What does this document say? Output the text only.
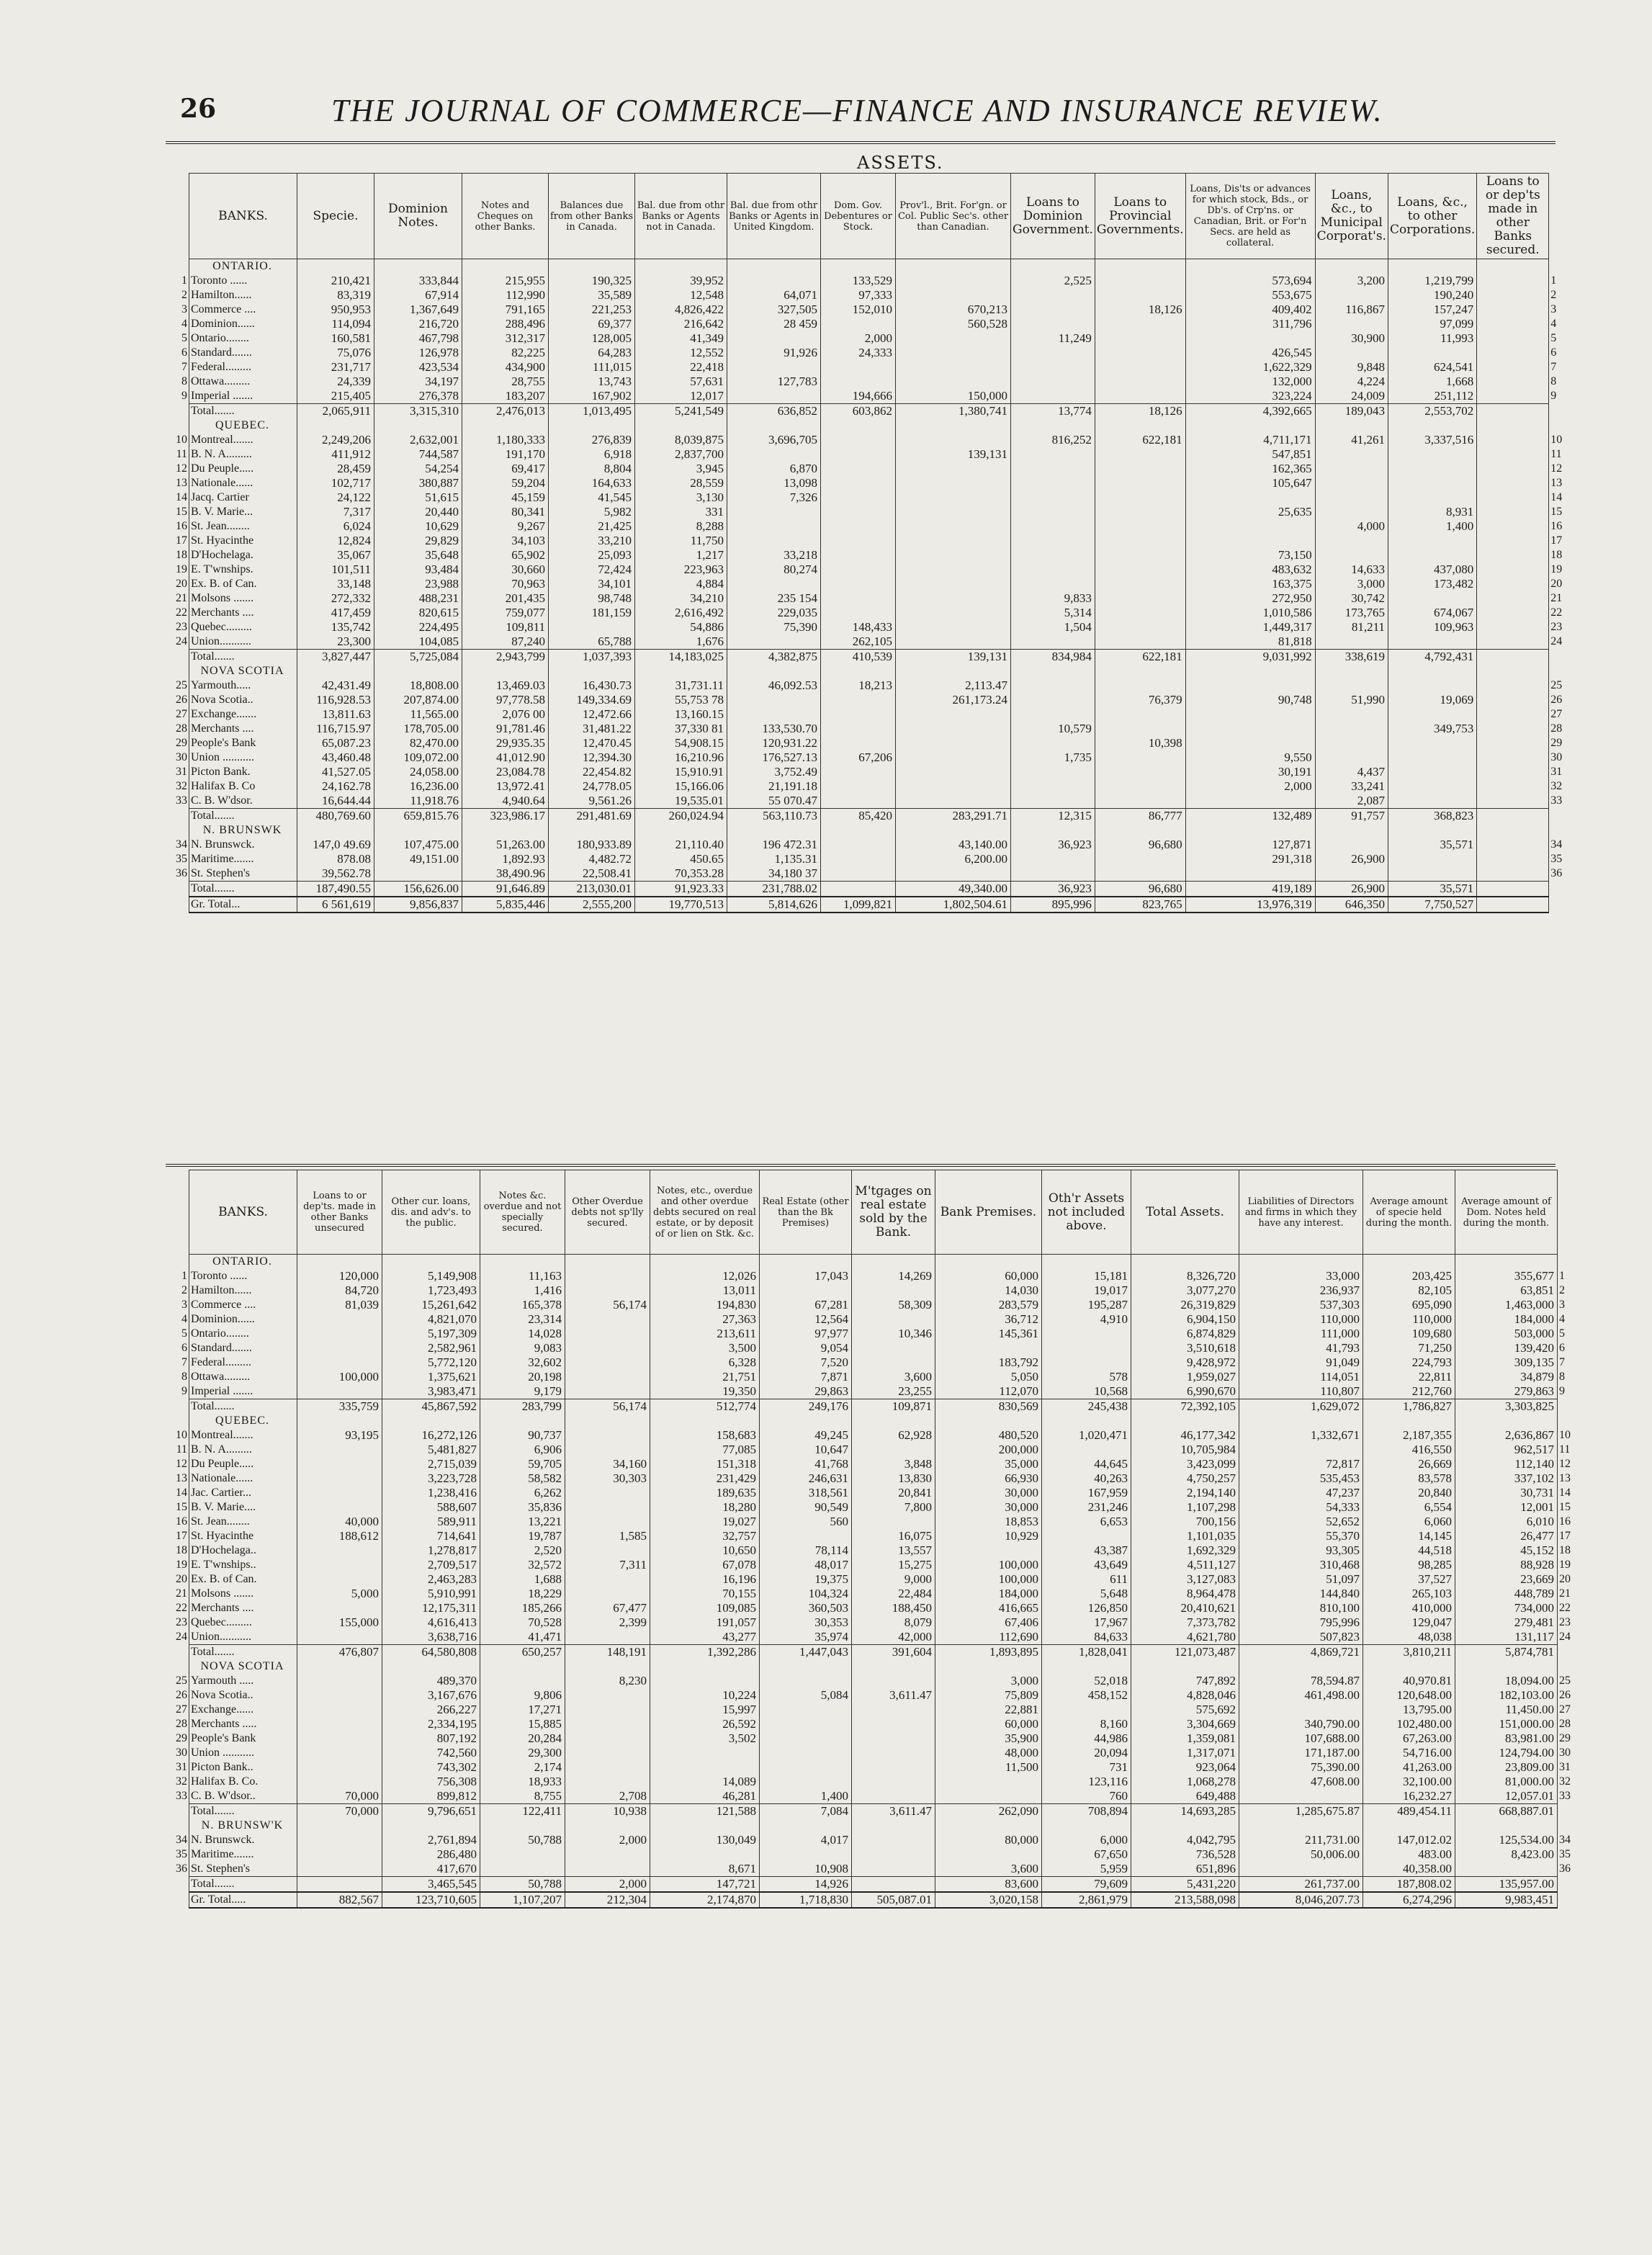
26	THE JOURNAL OF COMMERCE—FINANCE AND INSURANCE REVIEW.
ASSETS.
	BANKS.	Specie.	Dominion Notes.	Notes and Cheques on other Banks.	Balances due from other Banks in Canada.	Bal. due from othr Banks or Agents not in Canada.	Bal. due from othr Banks or Agents in United Kingdom.	Dom. Gov. Debentures or Stock.	Prov'l., Brit. For'gn. or Col. Public Sec's. other than Canadian.	Loans to Dominion Government.	Loans to Provincial Governments.	Loans, Dis'ts or advances for which stock, Bds., or Db's. of Crp'ns. or Canadian, Brit. or For'n Secs. are held as collateral.	Loans, &c., to Municipal Corporat's.	Loans, &c., to other Corporations.	Loans to or dep'ts made in other Banks secured.	
	ONTARIO.															
1	Toronto ......	210,421	333,844	215,955	190,325	39,952		133,529		2,525		573,694	3,200	1,219,799		1
2	Hamilton......	83,319	67,914	112,990	35,589	12,548	64,071	97,333				553,675		190,240		2
3	Commerce ....	950,953	1,367,649	791,165	221,253	4,826,422	327,505	152,010	670,213		18,126	409,402	116,867	157,247		3
4	Dominion......	114,094	216,720	288,496	69,377	216,642	28 459		560,528			311,796		97,099		4
5	Ontario........	160,581	467,798	312,317	128,005	41,349		2,000		11,249			30,900	11,993		5
6	Standard.......	75,076	126,978	82,225	64,283	12,552	91,926	24,333				426,545				6
7	Federal.........	231,717	423,534	434,900	111,015	22,418						1,622,329	9,848	624,541		7
8	Ottawa.........	24,339	34,197	28,755	13,743	57,631	127,783					132,000	4,224	1,668		8
9	Imperial .......	215,405	276,378	183,207	167,902	12,017		194,666	150,000			323,224	24,009	251,112		9
	Total.......	2,065,911	3,315,310	2,476,013	1,013,495	5,241,549	636,852	603,862	1,380,741	13,774	18,126	4,392,665	189,043	2,553,702		
	QUEBEC.															
10	Montreal.......	2,249,206	2,632,001	1,180,333	276,839	8,039,875	3,696,705			816,252	622,181	4,711,171	41,261	3,337,516		10
11	B. N. A.........	411,912	744,587	191,170	6,918	2,837,700			139,131			547,851				11
12	Du Peuple.....	28,459	54,254	69,417	8,804	3,945	6,870					162,365				12
13	Nationale......	102,717	380,887	59,204	164,633	28,559	13,098					105,647				13
14	Jacq. Cartier	24,122	51,615	45,159	41,545	3,130	7,326									14
15	B. V. Marie...	7,317	20,440	80,341	5,982	331						25,635		8,931		15
16	St. Jean........	6,024	10,629	9,267	21,425	8,288							4,000	1,400		16
17	St. Hyacinthe	12,824	29,829	34,103	33,210	11,750										17
18	D'Hochelaga.	35,067	35,648	65,902	25,093	1,217	33,218					73,150				18
19	E. T'wnships.	101,511	93,484	30,660	72,424	223,963	80,274					483,632	14,633	437,080		19
20	Ex. B. of Can.	33,148	23,988	70,963	34,101	4,884						163,375	3,000	173,482		20
21	Molsons .......	272,332	488,231	201,435	98,748	34,210	235 154			9,833		272,950	30,742			21
22	Merchants ....	417,459	820,615	759,077	181,159	2,616,492	229,035			5,314		1,010,586	173,765	674,067		22
23	Quebec.........	135,742	224,495	109,811		54,886	75,390	148,433		1,504		1,449,317	81,211	109,963		23
24	Union...........	23,300	104,085	87,240	65,788	1,676		262,105				81,818				24
	Total.......	3,827,447	5,725,084	2,943,799	1,037,393	14,183,025	4,382,875	410,539	139,131	834,984	622,181	9,031,992	338,619	4,792,431		
	NOVA SCOTIA															
25	Yarmouth.....	42,431.49	18,808.00	13,469.03	16,430.73	31,731.11	46,092.53	18,213	2,113.47							25
26	Nova Scotia..	116,928.53	207,874.00	97,778.58	149,334.69	55,753 78			261,173.24		76,379	90,748	51,990	19,069		26
27	Exchange.......	13,811.63	11,565.00	2,076 00	12,472.66	13,160.15										27
28	Merchants ....	116,715.97	178,705.00	91,781.46	31,481.22	37,330 81	133,530.70			10,579				349,753		28
29	People's Bank	65,087.23	82,470.00	29,935.35	12,470.45	54,908.15	120,931.22				10,398					29
30	Union ...........	43,460.48	109,072.00	41,012.90	12,394.30	16,210.96	176,527.13	67,206		1,735		9,550				30
31	Picton Bank.	41,527.05	24,058.00	23,084.78	22,454.82	15,910.91	3,752.49					30,191	4,437			31
32	Halifax B. Co	24,162.78	16,236.00	13,972.41	24,778.05	15,166.06	21,191.18					2,000	33,241			32
33	C. B. W'dsor.	16,644.44	11,918.76	4,940.64	9,561.26	19,535.01	55 070.47						2,087			33
	Total.......	480,769.60	659,815.76	323,986.17	291,481.69	260,024.94	563,110.73	85,420	283,291.71	12,315	86,777	132,489	91,757	368,823		
	N. BRUNSWK															
34	N. Brunswck.	147,0 49.69	107,475.00	51,263.00	180,933.89	21,110.40	196 472.31		43,140.00	36,923	96,680	127,871		35,571		34
35	Maritime.......	878.08	49,151.00	1,892.93	4,482.72	450.65	1,135.31		6,200.00			291,318	26,900			35
36	St. Stephen's	39,562.78		38,490.96	22,508.41	70,353.28	34,180 37									36
	Total.......	187,490.55	156,626.00	91,646.89	213,030.01	91,923.33	231,788.02		49,340.00	36,923	96,680	419,189	26,900	35,571		
	Gr. Total...	6 561,619	9,856,837	5,835,446	2,555,200	19,770,513	5,814,626	1,099,821	1,802,504.61	895,996	823,765	13,976,319	646,350	7,750,527		
	BANKS.	Loans to or dep'ts. made in other Banks unsecured	Other cur. loans, dis. and adv's. to the public.	Notes &c. overdue and not specially secured.	Other Overdue debts not sp'lly secured.	Notes, etc., overdue and other overdue debts secured on real estate, or by deposit of or lien on Stk. &c.	Real Estate (other than the Bk Premises)	M'tgages on real estate sold by the Bank.	Bank Premises.	Oth'r Assets not included above.	Total Assets.	Liabilities of Directors and firms in which they have any interest.	Average amount of specie held during the month.	Average amount of Dom. Notes held during the month.	
	ONTARIO.														
1	Toronto ......	120,000	5,149,908	11,163		12,026	17,043	14,269	60,000	15,181	8,326,720	33,000	203,425	355,677	1
2	Hamilton......	84,720	1,723,493	1,416		13,011			14,030	19,017	3,077,270	236,937	82,105	63,851	2
3	Commerce ....	81,039	15,261,642	165,378	56,174	194,830	67,281	58,309	283,579	195,287	26,319,829	537,303	695,090	1,463,000	3
4	Dominion......		4,821,070	23,314		27,363	12,564		36,712	4,910	6,904,150	110,000	110,000	184,000	4
5	Ontario........		5,197,309	14,028		213,611	97,977	10,346	145,361		6,874,829	111,000	109,680	503,000	5
6	Standard.......		2,582,961	9,083		3,500	9,054				3,510,618	41,793	71,250	139,420	6
7	Federal.........		5,772,120	32,602		6,328	7,520		183,792		9,428,972	91,049	224,793	309,135	7
8	Ottawa.........	100,000	1,375,621	20,198		21,751	7,871	3,600	5,050	578	1,959,027	114,051	22,811	34,879	8
9	Imperial .......		3,983,471	9,179		19,350	29,863	23,255	112,070	10,568	6,990,670	110,807	212,760	279,863	9
	Total.......	335,759	45,867,592	283,799	56,174	512,774	249,176	109,871	830,569	245,438	72,392,105	1,629,072	1,786,827	3,303,825	
	QUEBEC.														
10	Montreal.......	93,195	16,272,126	90,737		158,683	49,245	62,928	480,520	1,020,471	46,177,342	1,332,671	2,187,355	2,636,867	10
11	B. N. A.........		5,481,827	6,906		77,085	10,647		200,000		10,705,984		416,550	962,517	11
12	Du Peuple.....		2,715,039	59,705	34,160	151,318	41,768	3,848	35,000	44,645	3,423,099	72,817	26,669	112,140	12
13	Nationale......		3,223,728	58,582	30,303	231,429	246,631	13,830	66,930	40,263	4,750,257	535,453	83,578	337,102	13
14	Jac. Cartier...		1,238,416	6,262		189,635	318,561	20,841	30,000	167,959	2,194,140	47,237	20,840	30,731	14
15	B. V. Marie....		588,607	35,836		18,280	90,549	7,800	30,000	231,246	1,107,298	54,333	6,554	12,001	15
16	St. Jean........	40,000	589,911	13,221		19,027	560		18,853	6,653	700,156	52,652	6,060	6,010	16
17	St. Hyacinthe	188,612	714,641	19,787	1,585	32,757		16,075	10,929		1,101,035	55,370	14,145	26,477	17
18	D'Hochelaga..		1,278,817	2,520		10,650	78,114	13,557		43,387	1,692,329	93,305	44,518	45,152	18
19	E. T'wnships..		2,709,517	32,572	7,311	67,078	48,017	15,275	100,000	43,649	4,511,127	310,468	98,285	88,928	19
20	Ex. B. of Can.		2,463,283	1,688		16,196	19,375	9,000	100,000	611	3,127,083	51,097	37,527	23,669	20
21	Molsons .......	5,000	5,910,991	18,229		70,155	104,324	22,484	184,000	5,648	8,964,478	144,840	265,103	448,789	21
22	Merchants ....		12,175,311	185,266	67,477	109,085	360,503	188,450	416,665	126,850	20,410,621	810,100	410,000	734,000	22
23	Quebec.........	155,000	4,616,413	70,528	2,399	191,057	30,353	8,079	67,406	17,967	7,373,782	795,996	129,047	279,481	23
24	Union...........		3,638,716	41,471		43,277	35,974	42,000	112,690	84,633	4,621,780	507,823	48,038	131,117	24
	Total.......	476,807	64,580,808	650,257	148,191	1,392,286	1,447,043	391,604	1,893,895	1,828,041	121,073,487	4,869,721	3,810,211	5,874,781	
	NOVA SCOTIA														
25	Yarmouth .....		489,370		8,230				3,000	52,018	747,892	78,594.87	40,970.81	18,094.00	25
26	Nova Scotia..		3,167,676	9,806		10,224	5,084	3,611.47	75,809	458,152	4,828,046	461,498.00	120,648.00	182,103.00	26
27	Exchange......		266,227	17,271		15,997			22,881		575,692		13,795.00	11,450.00	27
28	Merchants .....		2,334,195	15,885		26,592			60,000	8,160	3,304,669	340,790.00	102,480.00	151,000.00	28
29	People's Bank		807,192	20,284		3,502			35,900	44,986	1,359,081	107,688.00	67,263.00	83,981.00	29
30	Union ...........		742,560	29,300					48,000	20,094	1,317,071	171,187.00	54,716.00	124,794.00	30
31	Picton Bank..		743,302	2,174					11,500	731	923,064	75,390.00	41,263.00	23,809.00	31
32	Halifax B. Co.		756,308	18,933		14,089				123,116	1,068,278	47,608.00	32,100.00	81,000.00	32
33	C. B. W'dsor..	70,000	899,812	8,755	2,708	46,281	1,400			760	649,488		16,232.27	12,057.01	33
	Total.......	70,000	9,796,651	122,411	10,938	121,588	7,084	3,611.47	262,090	708,894	14,693,285	1,285,675.87	489,454.11	668,887.01	
	N. BRUNSW'K														
34	N. Brunswck.		2,761,894	50,788	2,000	130,049	4,017		80,000	6,000	4,042,795	211,731.00	147,012.02	125,534.00	34
35	Maritime.......		286,480							67,650	736,528	50,006.00	483.00	8,423.00	35
36	St. Stephen's		417,670			8,671	10,908		3,600	5,959	651,896		40,358.00		36
	Total.......		3,465,545	50,788	2,000	147,721	14,926		83,600	79,609	5,431,220	261,737.00	187,808.02	135,957.00	
	Gr. Total.....	882,567	123,710,605	1,107,207	212,304	2,174,870	1,718,830	505,087.01	3,020,158	2,861,979	213,588,098	8,046,207.73	6,274,296	9,983,451	
